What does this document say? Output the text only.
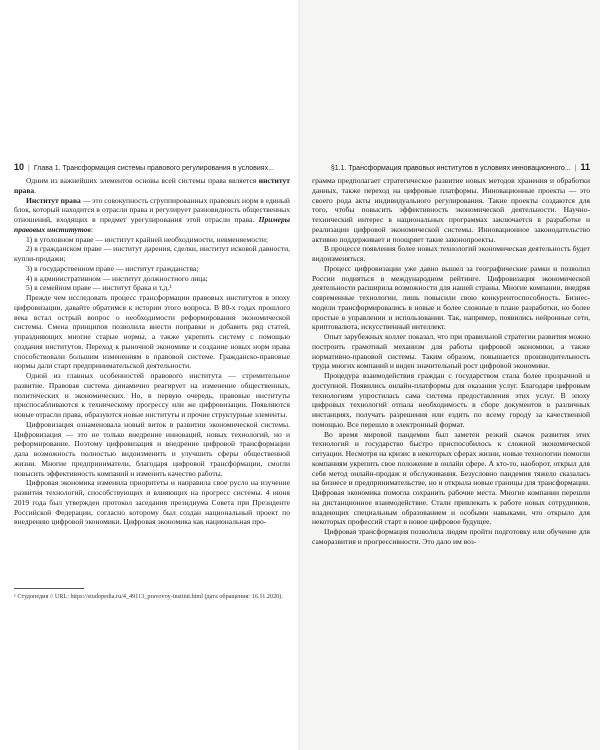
10 | Глава 1. Трансформация системы правового регулирования в условиях...

Одним из важнейших элементов основы всей системы права является институт права.

Институт права — это совокупность сгруппированных правовых норм в единый блок, который находится в отрасли права и регулирует разновидность общественных отношений, входящих в предмет урегулирования этой отрасли права. Примеры правовых институтов:

1) в уголовном праве — институт крайней необходимости, невменяемости;

2) в гражданском праве — институт дарения, сделки, институт исковой давности, купли-продажи;

3) в государственном праве — институт гражданства;

4) в административном — институт должностного лица;

5) в семейном праве — институт брака и т.д.¹

Прежде чем исследовать процесс трансформации правовых институтов в эпоху цифровизации, давайте обратимся к истории этого вопроса. В 80-х годах прошлого века встал острый вопрос о необходимости реформирования экономической системы. Смена принципов позволила внести поправки и добавить ряд статей, упраздняющих многие старые нормы, а также укрепить систему с помощью создания институтов. Переход к рыночной экономике и создание новых норм права способствовали большим изменениям в правовой системе. Гражданско-правовые нормы дали старт предпринимательской деятельности.

Одной из главных особенностей правового института — стремительное развитие. Правовая система динамично реагирует на изменение общественных, политических и экономических. Но, в первую очередь, правовые институты приспосабливаются к техническому прогрессу или же цифровизации. Появляются новые отрасли права, образуются новые институты и прочие структурные элементы.

Цифровизация ознаменовала новый виток в развитии экономической системы. Цифровизация — это не только внедрение инноваций, новых технологий, но и реформирование. Поэтому цифровизация и внедрение цифровой трансформации дала возможность полностью видоизменить и улучшить сферы общественной жизни. Многие предприниматели, благодаря цифровой трансформации, смогли повысить эффективность компаний и изменить качество работы.

Цифровая экономика изменила приоритеты и направила свое русло на изучение развития технологий, способствующих и влияющих на прогресс системы. 4 июня 2019 года был утвержден протокол заседания президиума Совета при Президенте Российской Федерации, согласно которому был создан национальный проект по внедрению цифровой экономики. Цифровая экономика как национальная про-

¹ Студопедия // URL: https://studopedia.ru/4_49113_pravovoy-institut.html (дата обращения: 16.11.2020).

§1.1. Трансформация правовых институтов в условиях инновационного... | 11

грамма предполагает стратегическое развитие новых методов хранения и обработки данных, также переход на цифровые платформы. Инновационные проекты — это своего рода акты индивидуального регулирования. Такие проекты создаются для того, чтобы повысить эффективность экономической деятельности. Научно-технический интерес в национальных программах заключается в разработке и реализации цифровой экономической системы. Инновационное законодательство активно поддерживает и поощряет такие законопроекты.

В процессе появления более новых технологий экономическая деятельность будет видоизменяться.

Процесс цифровизации уже давно вышел за географические рамки и позволил России подняться в международном рейтинге. Цифровизация экономической деятельности расширила возможности для нашей страны. Многие компании, внедряя современные технологии, лишь повысили свою конкурентоспособность. Бизнес-модели трансформировались в новые и более сложные в плане разработки, но более простые в управлении и использовании. Так, например, появились нейронные сети, криптовалюта, искусственный интеллект.

Опыт зарубежных коллег показал, что при правильной стратегии развития можно построить грамотный механизм для работы цифровой экономики, а также нормативно-правовой системы. Таким образом, повышается производительность труда многих компаний и виден значительный рост цифровой экономики.

Процедура взаимодействия граждан с государством стала более прозрачной и доступной. Появились онлайн-платформы для оказания услуг. Благодаря цифровым технологиям упростилась сама система предоставления этих услуг. В эпоху цифровых технологий отпала необходимость в сборе документов в различных инстанциях, получать разрешения или ездить по всему городу за качественной помощью. Все перешло в электронный формат.

Во время мировой пандемии был заметен резкий скачок развития этих технологий и государство быстро приспособилось к сложной экономической ситуации. Несмотря на кризис в некоторых сферах жизни, новые технологии помогли компаниям укрепить свое положение в онлайн сфере. А кто-то, наоборот, открыл для себя метод онлайн-продаж и обслуживания. Безусловно пандемия тяжело сказалась на бизнесе и предпринимательстве, но и открыла новые границы для трансформации. Цифровая экономика помогла сохранить рабочие места. Многие компании перешли на дистанционное взаимодействие. Стали привлекать к работе новых сотрудников, владеющих специальным образованием и особыми навыками, что открыло для некоторых профессий старт в новое цифровое будущее.

Цифровая трансформация позволила людям пройти подготовку или обучение для саморазвития и прогрессивности. Это дало им воз-
